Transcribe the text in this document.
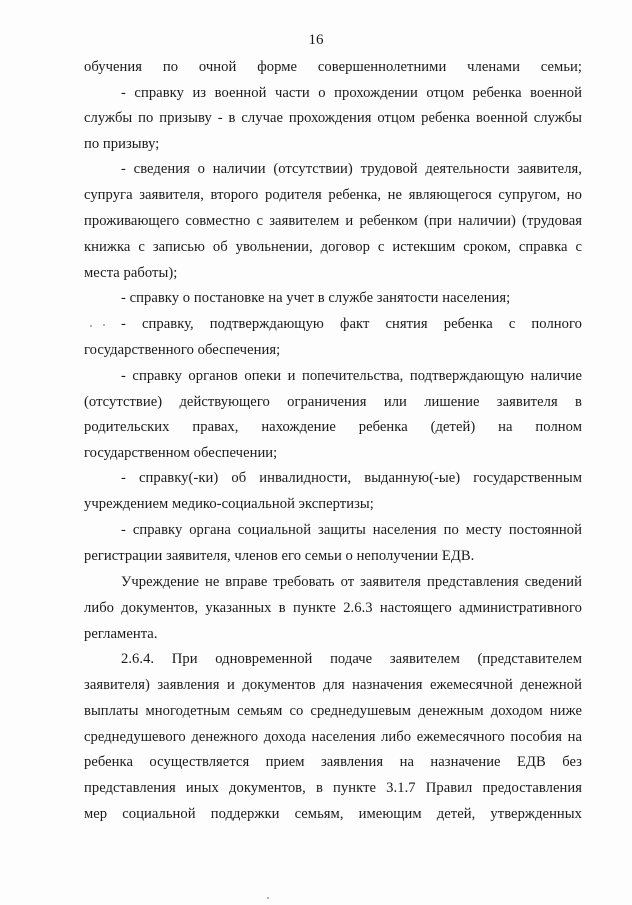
16
обучения по очной форме совершеннолетними членами семьи;
- справку из военной части о прохождении отцом ребенка военной
службы по призыву - в случае прохождения отцом ребенка военной службы
по призыву;
- сведения о наличии (отсутствии) трудовой деятельности заявителя,
супруга заявителя, второго родителя ребенка, не являющегося супругом, но
проживающего совместно с заявителем и ребенком (при наличии) (трудовая
книжка с записью об увольнении, договор с истекшим сроком, справка с
места работы);
- справку о постановке на учет в службе занятости населения;
- справку, подтверждающую факт снятия ребенка с полного
государственного обеспечения;
- справку органов опеки и попечительства, подтверждающую наличие
(отсутствие) действующего ограничения или лишение заявителя в
родительских правах, нахождение ребенка (детей) на полном
государственном обеспечении;
- справку(-ки) об инвалидности, выданную(-ые) государственным
учреждением медико-социальной экспертизы;
- справку органа социальной защиты населения по месту постоянной
регистрации заявителя, членов его семьи о неполучении ЕДВ.
Учреждение не вправе требовать от заявителя представления сведений
либо документов, указанных в пункте 2.6.3 настоящего административного
регламента.
2.6.4. При одновременной подаче заявителем (представителем
заявителя) заявления и документов для назначения ежемесячной денежной
выплаты многодетным семьям со среднедушевым денежным доходом ниже
среднедушевого денежного дохода населения либо ежемесячного пособия на
ребенка осуществляется прием заявления на назначение ЕДВ без
представления иных документов, в пункте 3.1.7 Правил предоставления
мер социальной поддержки семьям, имеющим детей, утвержденных
